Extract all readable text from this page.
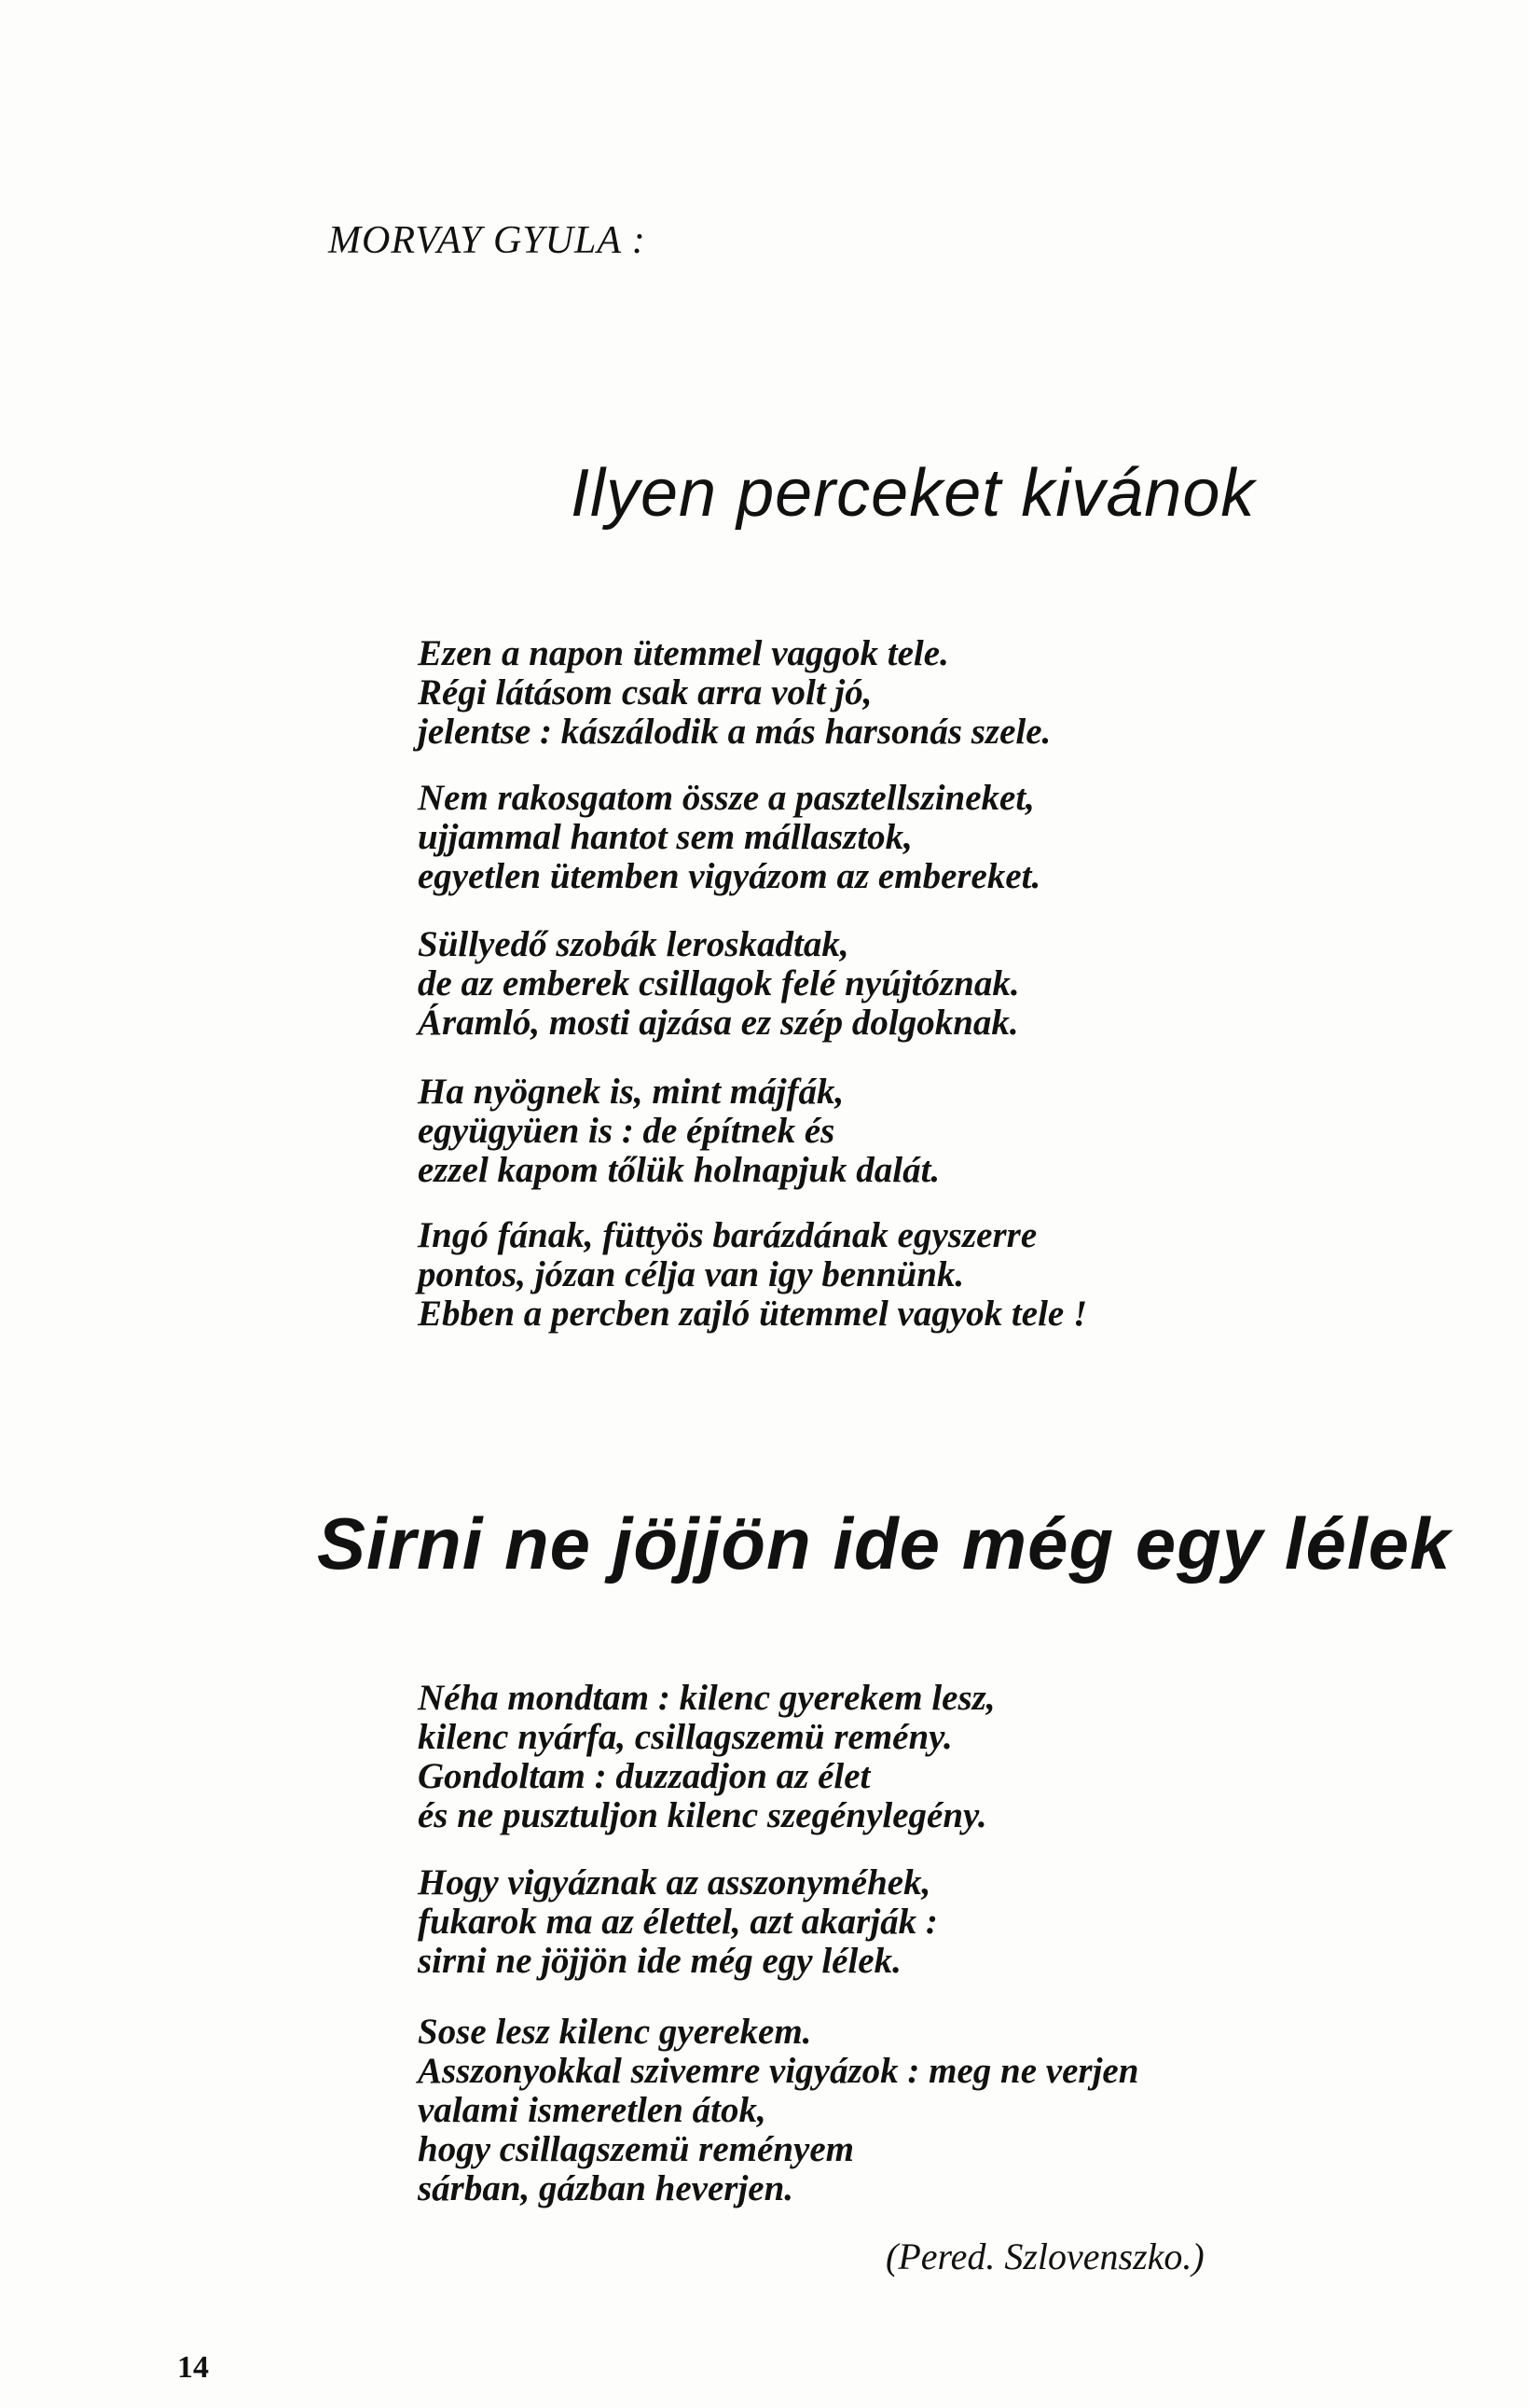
MORVAY GYULA :
Ilyen perceket kivánok
Ezen a napon ütemmel vaggok tele.
Régi látásom csak arra volt jó,
jelentse : kászálodik a más harsonás szele.
Nem rakosgatom össze a pasztellszineket,
ujjammal hantot sem mállasztok,
egyetlen ütemben vigyázom az embereket.
Süllyedő szobák leroskadtak,
de az emberek csillagok felé nyújtóznak.
Áramló, mosti ajzása ez szép dolgoknak.
Ha nyögnek is, mint májfák,
együgyüen is : de építnek és
ezzel kapom tőlük holnapjuk dalát.
Ingó fának, füttyös barázdának egyszerre
pontos, józan célja van igy bennünk.
Ebben a percben zajló ütemmel vagyok tele !
Sirni ne jöjjön ide még egy lélek
Néha mondtam : kilenc gyerekem lesz,
kilenc nyárfa, csillagszemü remény.
Gondoltam : duzzadjon az élet
és ne pusztuljon kilenc szegénylegény.
Hogy vigyáznak az asszonyméhek,
fukarok ma az élettel, azt akarják :
sirni ne jöjjön ide még egy lélek.
Sose lesz kilenc gyerekem.
Asszonyokkal szivemre vigyázok : meg ne verjen
valami ismeretlen átok,
hogy csillagszemü reményem
sárban, gázban heverjen.
(Pered. Szlovenszko.)
14
